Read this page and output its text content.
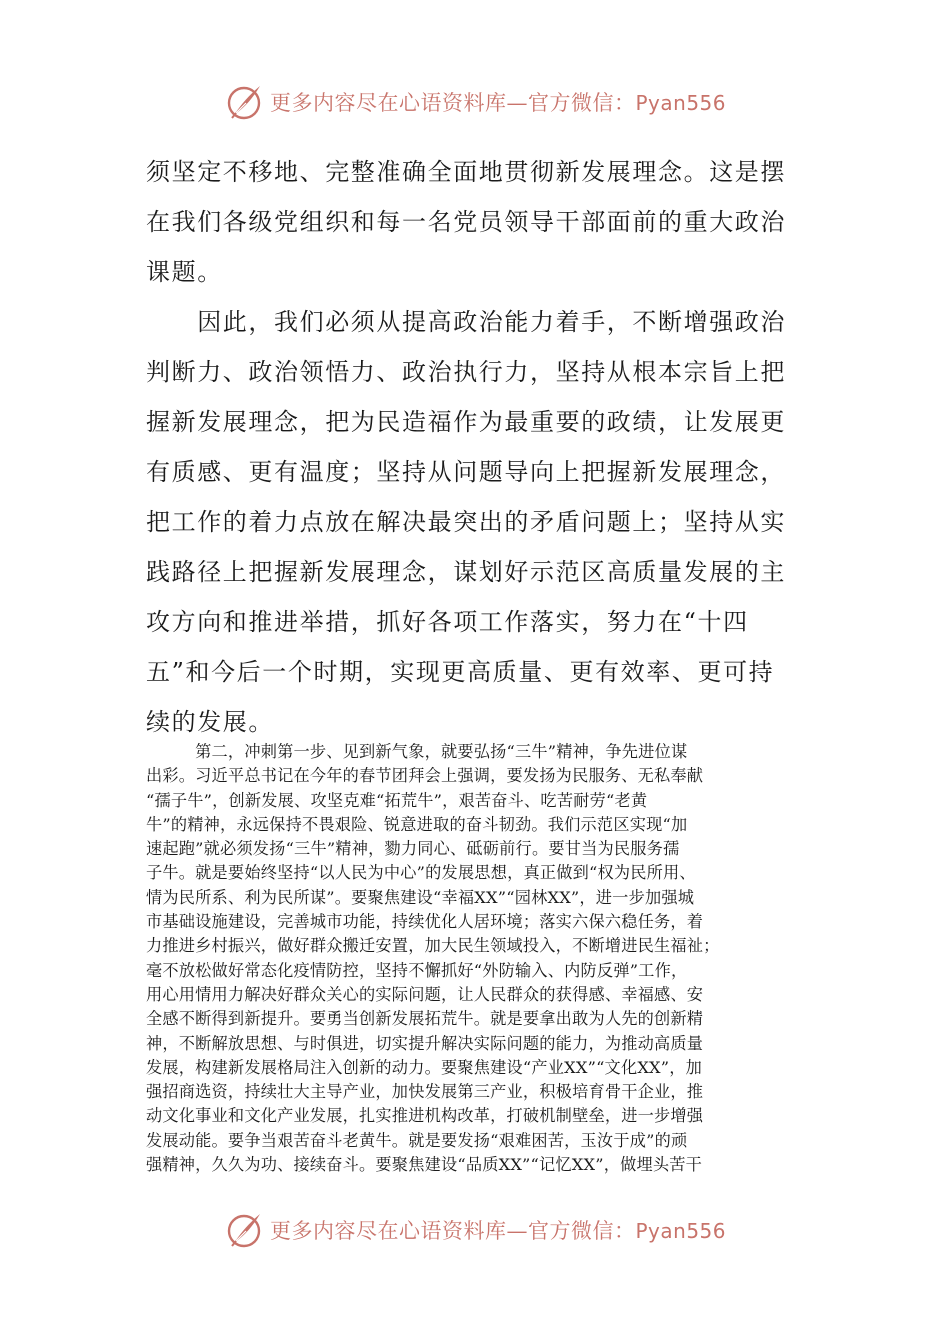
更多内容尽在心语资料库—官方微信：Pyan556
须坚定不移地、完整准确全面地贯彻新发展理念。这是摆
在我们各级党组织和每一名党员领导干部面前的重大政治
课题。
　　因此，我们必须从提高政治能力着手，不断增强政治
判断力、政治领悟力、政治执行力，坚持从根本宗旨上把
握新发展理念，把为民造福作为最重要的政绩，让发展更
有质感、更有温度；坚持从问题导向上把握新发展理念，
把工作的着力点放在解决最突出的矛盾问题上；坚持从实
践路径上把握新发展理念，谋划好示范区高质量发展的主
攻方向和推进举措，抓好各项工作落实，努力在“十四
五”和今后一个时期，实现更高质量、更有效率、更可持
续的发展。
　　　第二，冲刺第一步、见到新气象，就要弘扬“三牛”精神，争先进位谋
出彩。习近平总书记在今年的春节团拜会上强调，要发扬为民服务、无私奉献
“孺子牛”，创新发展、攻坚克难“拓荒牛”，艰苦奋斗、吃苦耐劳“老黄
牛”的精神，永远保持不畏艰险、锐意进取的奋斗韧劲。我们示范区实现“加
速起跑”就必须发扬“三牛”精神，勠力同心、砥砺前行。要甘当为民服务孺
子牛。就是要始终坚持“以人民为中心”的发展思想，真正做到“权为民所用、
情为民所系、利为民所谋”。要聚焦建设“幸福XX”“园林XX”，进一步加强城
市基础设施建设，完善城市功能，持续优化人居环境；落实六保六稳任务，着
力推进乡村振兴，做好群众搬迁安置，加大民生领域投入，不断增进民生福祉；
毫不放松做好常态化疫情防控，坚持不懈抓好“外防输入、内防反弹”工作，
用心用情用力解决好群众关心的实际问题，让人民群众的获得感、幸福感、安
全感不断得到新提升。要勇当创新发展拓荒牛。就是要拿出敢为人先的创新精
神，不断解放思想、与时俱进，切实提升解决实际问题的能力，为推动高质量
发展，构建新发展格局注入创新的动力。要聚焦建设“产业XX”“文化XX”，加
强招商选资，持续壮大主导产业，加快发展第三产业，积极培育骨干企业，推
动文化事业和文化产业发展，扎实推进机构改革，打破机制壁垒，进一步增强
发展动能。要争当艰苦奋斗老黄牛。就是要发扬“艰难困苦，玉汝于成”的顽
强精神，久久为功、接续奋斗。要聚焦建设“品质XX”“记忆XX”，做埋头苦干
更多内容尽在心语资料库—官方微信：Pyan556
